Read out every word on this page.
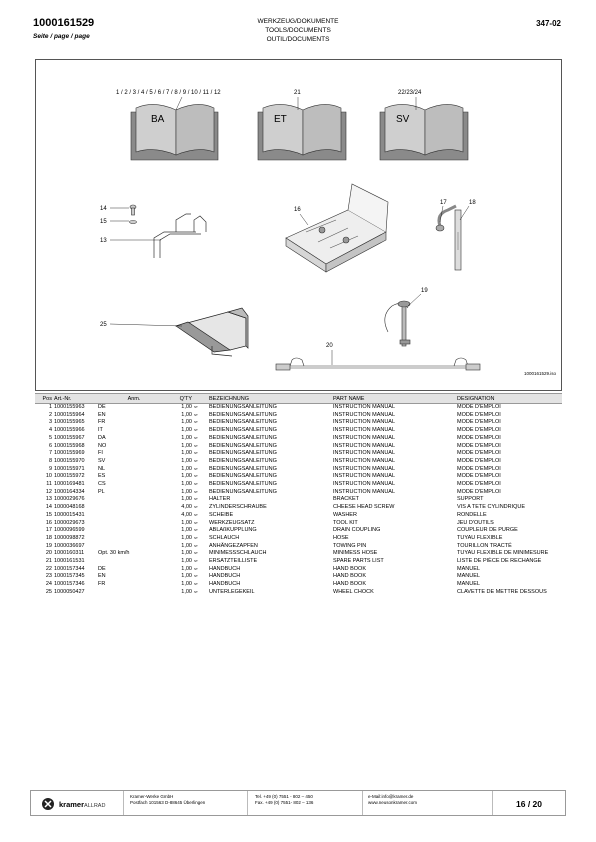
1000161529
Seite / page / page
WERKZEUG/DOKUMENTE
TOOLS/DOCUMENTS
OUTIL/DOCUMENTS
347-02
BA	ET	SV
1 / 2 / 3 / 4 / 5 / 6 / 7 / 8 / 9 / 10 / 11 / 12	21	22/23/24
14
15
13
16
17	18
19
25
20
1000161529.iso
Pos	Art.-Nr.	Anm.	Q'TY		BEZEICHNUNG	PART NAME	DESIGNATION
1	1000155963	DE	1,00	ST	BEDIENUNGSANLEITUNG	INSTRUCTION MANUAL	MODE D'EMPLOI
2	1000155964	EN	1,00	ST	BEDIENUNGSANLEITUNG	INSTRUCTION MANUAL	MODE D'EMPLOI
3	1000155965	FR	1,00	ST	BEDIENUNGSANLEITUNG	INSTRUCTION MANUAL	MODE D'EMPLOI
4	1000155966	IT	1,00	ST	BEDIENUNGSANLEITUNG	INSTRUCTION MANUAL	MODE D'EMPLOI
5	1000155967	DA	1,00	ST	BEDIENUNGSANLEITUNG	INSTRUCTION MANUAL	MODE D'EMPLOI
6	1000155968	NO	1,00	ST	BEDIENUNGSANLEITUNG	INSTRUCTION MANUAL	MODE D'EMPLOI
7	1000155969	FI	1,00	ST	BEDIENUNGSANLEITUNG	INSTRUCTION MANUAL	MODE D'EMPLOI
8	1000155970	SV	1,00	ST	BEDIENUNGSANLEITUNG	INSTRUCTION MANUAL	MODE D'EMPLOI
9	1000155971	NL	1,00	ST	BEDIENUNGSANLEITUNG	INSTRUCTION MANUAL	MODE D'EMPLOI
10	1000155972	ES	1,00	ST	BEDIENUNGSANLEITUNG	INSTRUCTION MANUAL	MODE D'EMPLOI
11	1000169481	CS	1,00	ST	BEDIENUNGSANLEITUNG	INSTRUCTION MANUAL	MODE D'EMPLOI
12	1000164334	PL	1,00	ST	BEDIENUNGSANLEITUNG	INSTRUCTION MANUAL	MODE D'EMPLOI
13	1000029676		1,00	ST	HALTER	BRACKET	SUPPORT
14	1000048168		4,00	ST	ZYLINDERSCHRAUBE	CHEESE HEAD SCREW	VIS A TETE CYLINDRIQUE
15	1000015431		4,00	ST	SCHEIBE	WASHER	RONDELLE
16	1000029673		1,00	ST	WERKZEUGSATZ	TOOL KIT	JEU D'OUTILS
17	1000096599		1,00	ST	ABLAßKUPPLUNG	DRAIN COUPLING	COUPLEUR DE PURGE
18	1000098872		1,00	ST	SCHLAUCH	HOSE	TUYAU FLEXIBLE
19	1000036697		1,00	ST	ANHÄNGEZAPFEN	TOWING PIN	TOURILLON TRACTÉ
20	1000160311	Opt. 30 km/h	1,00	ST	MINIMESSSCHLAUCH	MINIMESS HOSE	TUYAU FLEXIBLE DE MINIMESURE
21	1000161531		1,00	ST	ERSATZTEILLISTE	SPARE PARTS LIST	LISTE DE PIÈCE DE RECHANGE
22	1000157344	DE	1,00	ST	HANDBUCH	HAND BOOK	MANUEL
23	1000157345	EN	1,00	ST	HANDBUCH	HAND BOOK	MANUEL
24	1000157346	FR	1,00	ST	HANDBUCH	HAND BOOK	MANUEL
25	1000050427		1,00	ST	UNTERLEGEKEIL	WHEEL CHOCK	CLAVETTE DE METTRE DESSOUS
kramerALLRAD
Kramer-Werke GmbH
Postfach 101563 D-88645 Überlingen
Tel. +49 (0) 7551 - 802 – 450
Fax. +49 (0) 7551- 802 – 136
e-Mail:info@kramer.de
www.neusonkramer.com	16 / 20
